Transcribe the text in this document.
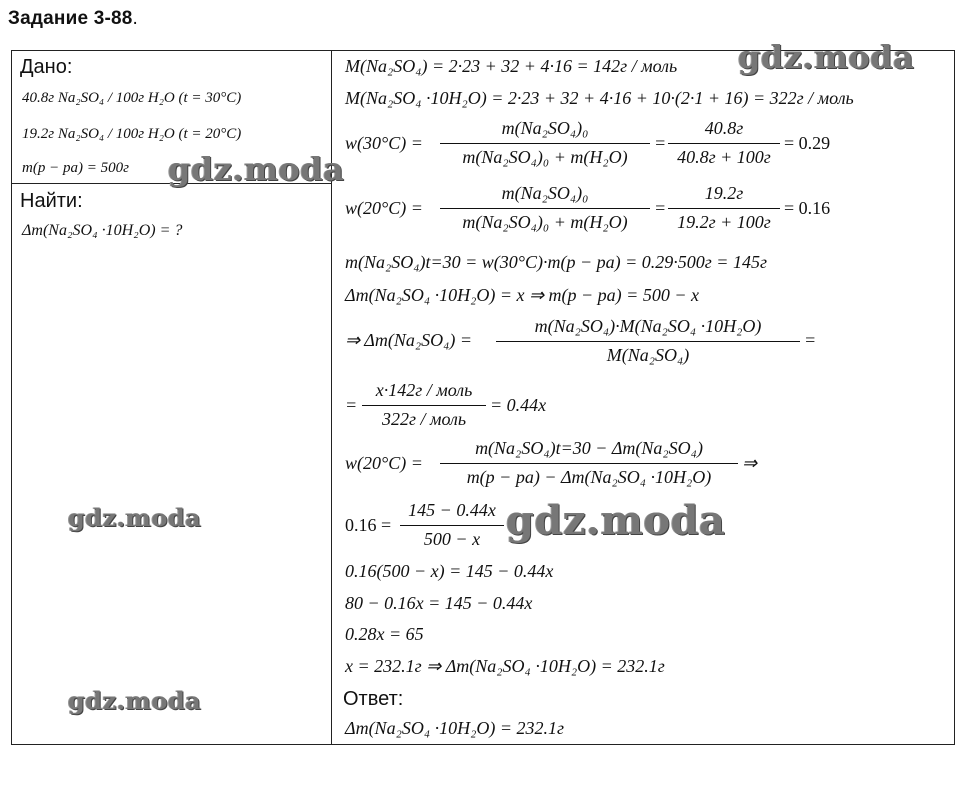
Задание 3-88.
Дано:
40.8г Na₂SO₄ / 100г H₂O (t = 30°C)
19.2г Na₂SO₄ / 100г H₂O (t = 20°C)
m(р − ра) = 500г
Найти:
Δm(Na₂SO₄ ·10H₂O) = ?
M(Na₂SO₄) = 2·23 + 32 + 4·16 = 142г / моль
M(Na₂SO₄ ·10H₂O) = 2·23 + 32 + 4·16 + 10·(2·1 + 16) = 322г / моль
w(30°C) =
m(Na₂SO₄)₀
m(Na₂SO₄)₀ + m(H₂O)
=
40.8г
40.8г + 100г
= 0.29
w(20°C) =
m(Na₂SO₄)₀
m(Na₂SO₄)₀ + m(H₂O)
=
19.2г
19.2г + 100г
= 0.16
m(Na₂SO₄)t=30 = w(30°C)·m(р − ра) = 0.29·500г = 145г
Δm(Na₂SO₄ ·10H₂O) = x ⇒ m(р − ра) = 500 − x
⇒ Δm(Na₂SO₄) =
m(Na₂SO₄)·M(Na₂SO₄ ·10H₂O)
M(Na₂SO₄)
=
=
x·142г / моль
322г / моль
= 0.44x
w(20°C) =
m(Na₂SO₄)t=30 − Δm(Na₂SO₄)
m(р − ра) − Δm(Na₂SO₄ ·10H₂O)
⇒
0.16 =
145 − 0.44x
500 − x
0.16(500 − x) = 145 − 0.44x
80 − 0.16x = 145 − 0.44x
0.28x = 65
x = 232.1г ⇒ Δm(Na₂SO₄ ·10H₂O) = 232.1г
Ответ:
Δm(Na₂SO₄ ·10H₂O) = 232.1г
gdz.moda
gdz.moda
gdz.moda	gdz.moda
gdz.moda
